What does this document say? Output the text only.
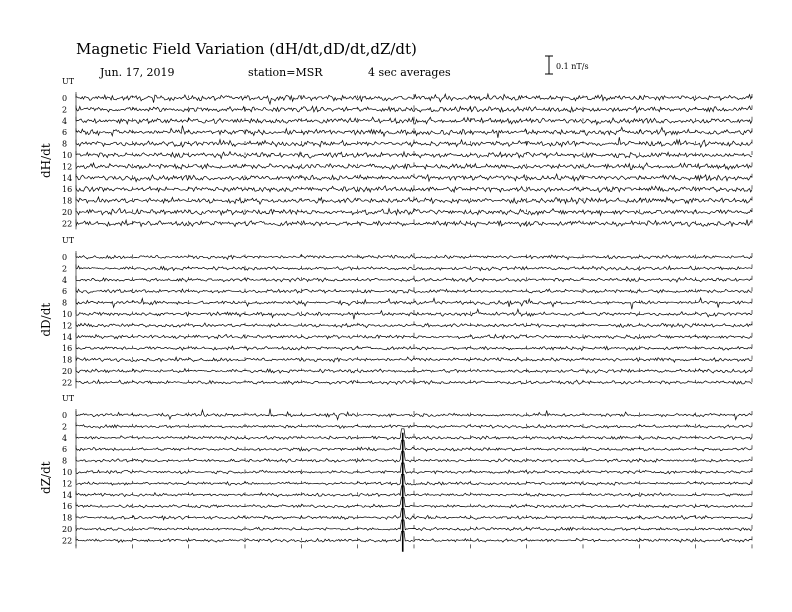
Magnetic Field Variation (dH/dt,dD/dt,dZ/dt)
Jun. 17, 2019	station=MSR	4 sec averages	0.1 nT/s
UT
dH/dt
0
2
4
6
8
10
12
14
16
18
20
22
UT
dD/dt
0
2
4
6
8
10
12
14
16
18
20
22
UT
dZ/dt
0
2
4
6
8
10
12
14
16
18
20
22
